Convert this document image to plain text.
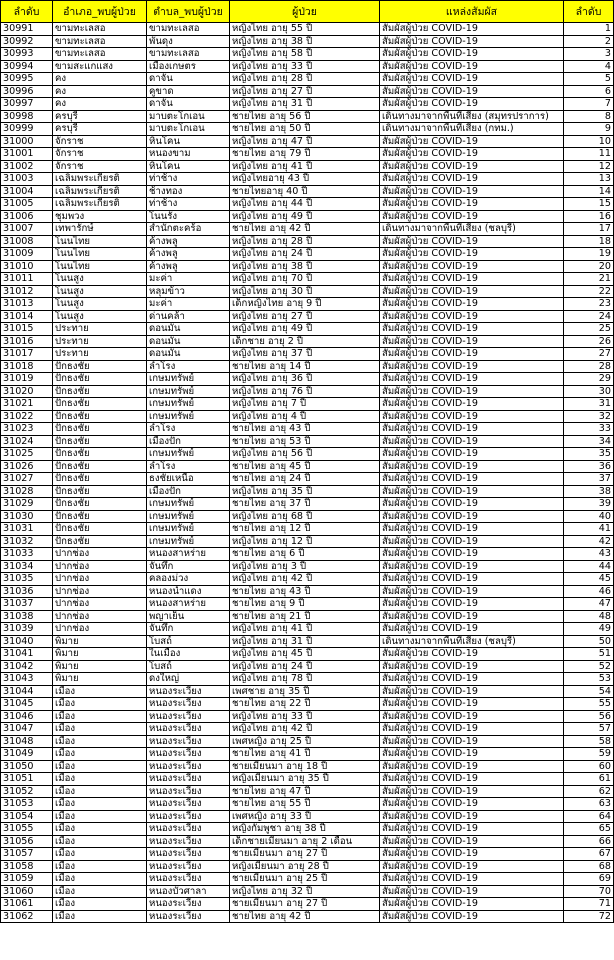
ลำดับ	อำเภอ_พบผู้ป่วย	ตำบล_พบผู้ป่วย	ผู้ป่วย	แหล่งสัมผัส	ลำดับ
30991	ขามทะเลสอ	ขามทะเลสอ	หญิงไทย อายุ 55 ปี	สัมผัสผู้ป่วย COVID-19	1
30992	ขามทะเลสอ	พันดุง	หญิงไทย อายุ 38 ปี	สัมผัสผู้ป่วย COVID-19	2
30993	ขามทะเลสอ	ขามทะเลสอ	หญิงไทย อายุ 58 ปี	สัมผัสผู้ป่วย COVID-19	3
30994	ขามสะแกแสง	เมืองเกษตร	หญิงไทย อายุ 33 ปี	สัมผัสผู้ป่วย COVID-19	4
30995	คง	ดาจั่น	หญิงไทย อายุ 28 ปี	สัมผัสผู้ป่วย COVID-19	5
30996	คง	คูขาด	หญิงไทย อายุ 27 ปี	สัมผัสผู้ป่วย COVID-19	6
30997	คง	ดาจั่น	หญิงไทย อายุ 31 ปี	สัมผัสผู้ป่วย COVID-19	7
30998	ครบุรี	มาบตะโกเอน	ชายไทย อายุ 56 ปี	เดินทางมาจากพื้นที่เสี่ยง (สมุทรปราการ)	8
30999	ครบุรี	มาบตะโกเอน	ชายไทย อายุ 50 ปี	เดินทางมาจากพื้นที่เสี่ยง (กทม.)	9
31000	จักราช	หินโคน	หญิงไทย อายุ 47 ปี	สัมผัสผู้ป่วย COVID-19	10
31001	จักราช	หนองขาม	ชายไทย อายุ 79 ปี	สัมผัสผู้ป่วย COVID-19	11
31002	จักราช	หินโคน	หญิงไทย อายุ 41 ปี	สัมผัสผู้ป่วย COVID-19	12
31003	เฉลิมพระเกียรติ	ท่าช้าง	หญิงไทยอายุ 43 ปี	สัมผัสผู้ป่วย COVID-19	13
31004	เฉลิมพระเกียรติ	ช้างทอง	ชายไทยอายุ 40 ปี	สัมผัสผู้ป่วย COVID-19	14
31005	เฉลิมพระเกียรติ	ท่าช้าง	หญิงไทย อายุ 44 ปี	สัมผัสผู้ป่วย COVID-19	15
31006	ชุมพวง	โนนรัง	หญิงไทย อายุ 49 ปี	สัมผัสผู้ป่วย COVID-19	16
31007	เทพารักษ์	สำนักตะคร้อ	ชายไทย อายุ 42 ปี	เดินทางมาจากพื้นที่เสี่ยง (ชลบุรี)	17
31008	โนนไทย	ค้างพลู	หญิงไทย อายุ 28 ปี	สัมผัสผู้ป่วย COVID-19	18
31009	โนนไทย	ค้างพลู	หญิงไทย อายุ 24 ปี	สัมผัสผู้ป่วย COVID-19	19
31010	โนนไทย	ค้างพลู	หญิงไทย อายุ 38 ปี	สัมผัสผู้ป่วย COVID-19	20
31011	โนนสูง	มะค่า	หญิงไทย อายุ 70 ปี	สัมผัสผู้ป่วย COVID-19	21
31012	โนนสูง	หลุมข้าว	หญิงไทย อายุ 30 ปี	สัมผัสผู้ป่วย COVID-19	22
31013	โนนสูง	มะค่า	เด็กหญิงไทย อายุ 9 ปี	สัมผัสผู้ป่วย COVID-19	23
31014	โนนสูง	ด่านคล้า	หญิงไทย อายุ 27 ปี	สัมผัสผู้ป่วย COVID-19	24
31015	ประทาย	ดอนมัน	หญิงไทย อายุ 49 ปี	สัมผัสผู้ป่วย COVID-19	25
31016	ประทาย	ดอนมัน	เด็กชาย อายุ 2 ปี	สัมผัสผู้ป่วย COVID-19	26
31017	ประทาย	ดอนมัน	หญิงไทย อายุ 37 ปี	สัมผัสผู้ป่วย COVID-19	27
31018	ปักธงชัย	ลำโรง	ชายไทย อายุ 14 ปี	สัมผัสผู้ป่วย COVID-19	28
31019	ปักธงชัย	เกษมทรัพย์	หญิงไทย อายุ 36 ปี	สัมผัสผู้ป่วย COVID-19	29
31020	ปักธงชัย	เกษมทรัพย์	หญิงไทย อายุ 76 ปี	สัมผัสผู้ป่วย COVID-19	30
31021	ปักธงชัย	เกษมทรัพย์	หญิงไทย อายุ 7 ปี	สัมผัสผู้ป่วย COVID-19	31
31022	ปักธงชัย	เกษมทรัพย์	หญิงไทย อายุ 4 ปี	สัมผัสผู้ป่วย COVID-19	32
31023	ปักธงชัย	ลำโรง	ชายไทย อายุ 43 ปี	สัมผัสผู้ป่วย COVID-19	33
31024	ปักธงชัย	เมืองปัก	ชายไทย อายุ 53 ปี	สัมผัสผู้ป่วย COVID-19	34
31025	ปักธงชัย	เกษมทรัพย์	หญิงไทย อายุ 56 ปี	สัมผัสผู้ป่วย COVID-19	35
31026	ปักธงชัย	ลำโรง	ชายไทย อายุ 45 ปี	สัมผัสผู้ป่วย COVID-19	36
31027	ปักธงชัย	ธงชัยเหนือ	ชายไทย อายุ 24 ปี	สัมผัสผู้ป่วย COVID-19	37
31028	ปักธงชัย	เมืองปัก	หญิงไทย อายุ 35 ปี	สัมผัสผู้ป่วย COVID-19	38
31029	ปักธงชัย	เกษมทรัพย์	ชายไทย อายุ 37 ปี	สัมผัสผู้ป่วย COVID-19	39
31030	ปักธงชัย	เกษมทรัพย์	หญิงไทย อายุ 68 ปี	สัมผัสผู้ป่วย COVID-19	40
31031	ปักธงชัย	เกษมทรัพย์	ชายไทย อายุ 12 ปี	สัมผัสผู้ป่วย COVID-19	41
31032	ปักธงชัย	เกษมทรัพย์	หญิงไทย อายุ 12 ปี	สัมผัสผู้ป่วย COVID-19	42
31033	ปากช่อง	หนองสาหร่าย	ชายไทย อายุ 6 ปี	สัมผัสผู้ป่วย COVID-19	43
31034	ปากช่อง	จันทึก	หญิงไทย อายุ 3 ปี	สัมผัสผู้ป่วย COVID-19	44
31035	ปากช่อง	คลองม่วง	หญิงไทย อายุ 42 ปี	สัมผัสผู้ป่วย COVID-19	45
31036	ปากช่อง	หนองน้ำแดง	ชายไทย อายุ 43 ปี	สัมผัสผู้ป่วย COVID-19	46
31037	ปากช่อง	หนองสาหร่าย	ชายไทย อายุ 9 ปี	สัมผัสผู้ป่วย COVID-19	47
31038	ปากช่อง	พญาเย็น	ชายไทย อายุ 21 ปี	สัมผัสผู้ป่วย COVID-19	48
31039	ปากช่อง	จันทึก	หญิงไทย อายุ 41 ปี	สัมผัสผู้ป่วย COVID-19	49
31040	พิมาย	โบสถ์	หญิงไทย อายุ 31 ปี	เดินทางมาจากพื้นที่เสี่ยง (ชลบุรี)	50
31041	พิมาย	ในเมือง	หญิงไทย อายุ 45 ปี	สัมผัสผู้ป่วย COVID-19	51
31042	พิมาย	โบสถ์	หญิงไทย อายุ 24 ปี	สัมผัสผู้ป่วย COVID-19	52
31043	พิมาย	ดงใหญ่	หญิงไทย อายุ 78 ปี	สัมผัสผู้ป่วย COVID-19	53
31044	เมือง	หนองระเวียง	เพศชาย อายุ 35 ปี	สัมผัสผู้ป่วย COVID-19	54
31045	เมือง	หนองระเวียง	ชายไทย อายุ 22 ปี	สัมผัสผู้ป่วย COVID-19	55
31046	เมือง	หนองระเวียง	หญิงไทย อายุ 33 ปี	สัมผัสผู้ป่วย COVID-19	56
31047	เมือง	หนองระเวียง	หญิงไทย อายุ 42 ปี	สัมผัสผู้ป่วย COVID-19	57
31048	เมือง	หนองระเวียง	เพศหญิง อายุ 25 ปี	สัมผัสผู้ป่วย COVID-19	58
31049	เมือง	หนองระเวียง	ชายไทย อายุ 41 ปี	สัมผัสผู้ป่วย COVID-19	59
31050	เมือง	หนองระเวียง	ชายเมียนมา อายุ 18 ปี	สัมผัสผู้ป่วย COVID-19	60
31051	เมือง	หนองระเวียง	หญิงเมียนมา อายุ 35 ปี	สัมผัสผู้ป่วย COVID-19	61
31052	เมือง	หนองระเวียง	ชายไทย อายุ 47 ปี	สัมผัสผู้ป่วย COVID-19	62
31053	เมือง	หนองระเวียง	ชายไทย อายุ 55 ปี	สัมผัสผู้ป่วย COVID-19	63
31054	เมือง	หนองระเวียง	เพศหญิง อายุ 33 ปี	สัมผัสผู้ป่วย COVID-19	64
31055	เมือง	หนองระเวียง	หญิงกัมพูชา อายุ 38 ปี	สัมผัสผู้ป่วย COVID-19	65
31056	เมือง	หนองระเวียง	เด็กชายเมียนมา อายุ 2 เดือน	สัมผัสผู้ป่วย COVID-19	66
31057	เมือง	หนองระเวียง	ชายเมียนมา อายุ 27 ปี	สัมผัสผู้ป่วย COVID-19	67
31058	เมือง	หนองระเวียง	หญิงเมียนมา อายุ 28 ปี	สัมผัสผู้ป่วย COVID-19	68
31059	เมือง	หนองระเวียง	ชายเมียนมา อายุ 25 ปี	สัมผัสผู้ป่วย COVID-19	69
31060	เมือง	หนองบัวศาลา	หญิงไทย อายุ 32 ปี	สัมผัสผู้ป่วย COVID-19	70
31061	เมือง	หนองระเวียง	ชายเมียนมา อายุ 27 ปี	สัมผัสผู้ป่วย COVID-19	71
31062	เมือง	หนองระเวียง	ชายไทย อายุ 42 ปี	สัมผัสผู้ป่วย COVID-19	72
